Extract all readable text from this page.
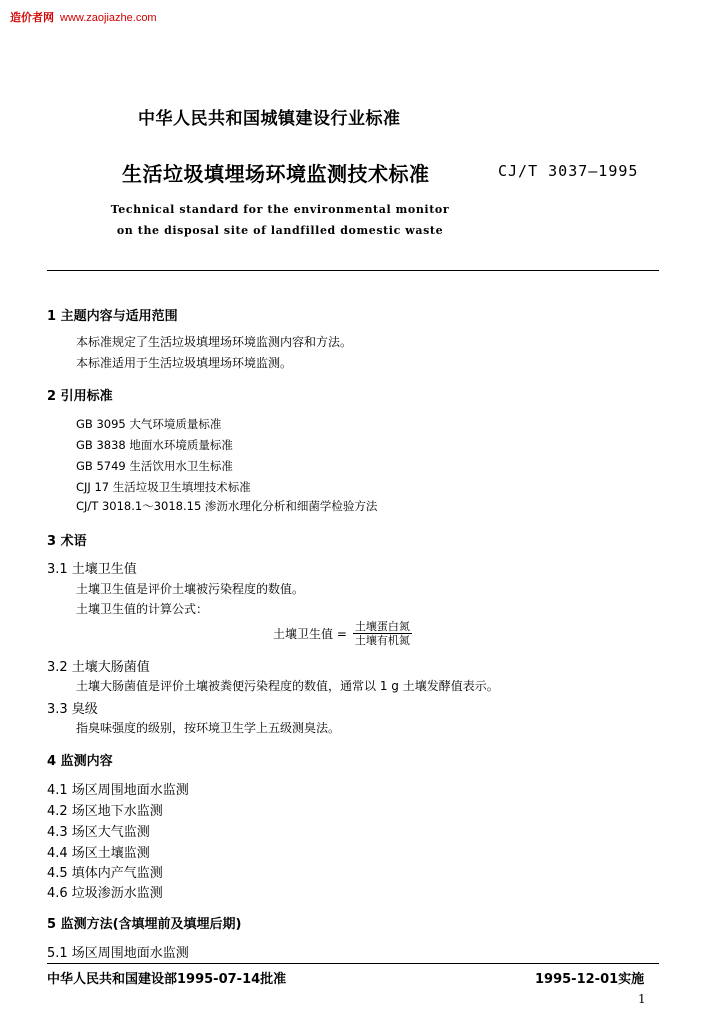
造价者网 www.zaojiazhe.com
中华人民共和国城镇建设行业标准
生活垃圾填埋场环境监测技术标准	CJ/T 3037—1995
Technical standard for the environmental monitor
on the disposal site of landfilled domestic waste
1 主题内容与适用范围
本标准规定了生活垃圾填埋场环境监测内容和方法。
本标准适用于生活垃圾填埋场环境监测。
2 引用标准
GB 3095 大气环境质量标准
GB 3838 地面水环境质量标准
GB 5749 生活饮用水卫生标准
CJJ 17 生活垃圾卫生填埋技术标准
CJ/T 3018.1～3018.15 渗沥水理化分析和细菌学检验方法
3 术语
3.1 土壤卫生值
土壤卫生值是评价土壤被污染程度的数值。
土壤卫生值的计算公式：
土壤卫生值 = $\frac{\text{土壤蛋白氮}}{\text{土壤有机氮}}$
3.2 土壤大肠菌值
土壤大肠菌值是评价土壤被粪便污染程度的数值，通常以 1 g 土壤发酵值表示。
3.3 臭级
指臭味强度的级别，按环境卫生学上五级测臭法。
4 监测内容
4.1 场区周围地面水监测
4.2 场区地下水监测
4.3 场区大气监测
4.4 场区土壤监测
4.5 填体内产气监测
4.6 垃圾渗沥水监测
5 监测方法(含填埋前及填埋后期)
5.1 场区周围地面水监测
中华人民共和国建设部1995-07-14批准	1995-12-01实施
1
